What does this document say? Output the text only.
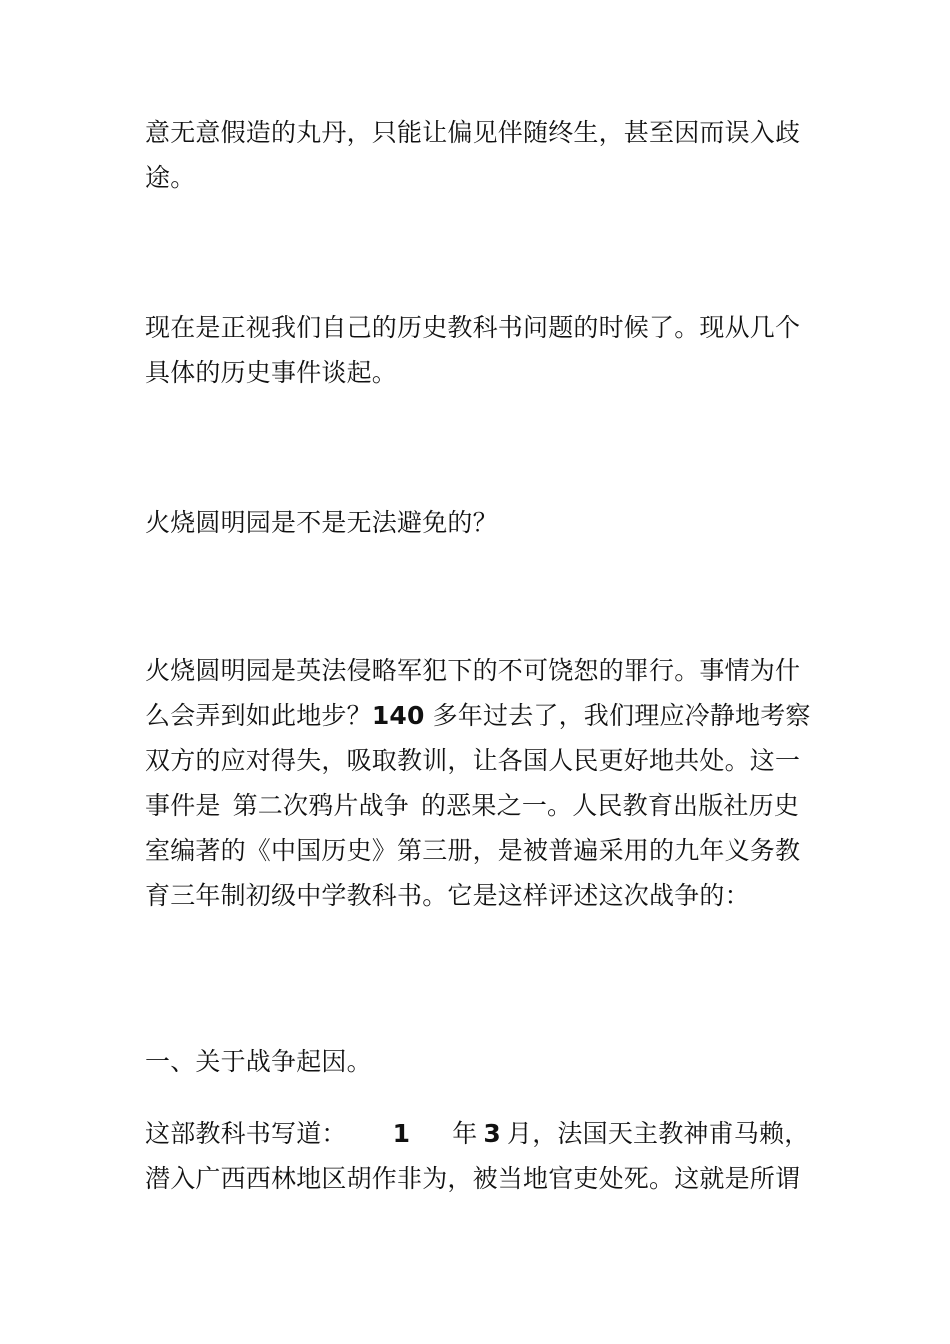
意无意假造的丸丹，只能让偏见伴随终生，甚至因而误入歧途。

现在是正视我们自己的历史教科书问题的时候了。现从几个具体的历史事件谈起。

火烧圆明园是不是无法避免的？

火烧圆明园是英法侵略军犯下的不可饶恕的罪行。事情为什么会弄到如此地步？140 多年过去了，我们理应冷静地考察双方的应对得失，吸取教训，让各国人民更好地共处。这一事件是 第二次鸦片战争 的恶果之一。人民教育出版社历史室编著的《中国历史》第三册，是被普遍采用的九年义务教育三年制初级中学教科书。它是这样评述这次战争的：

一、关于战争起因。

这部教科书写道： 1 年 3 月，法国天主教神甫马赖，潜入广西西林地区胡作非为，被当地官吏处死。这就是所谓
